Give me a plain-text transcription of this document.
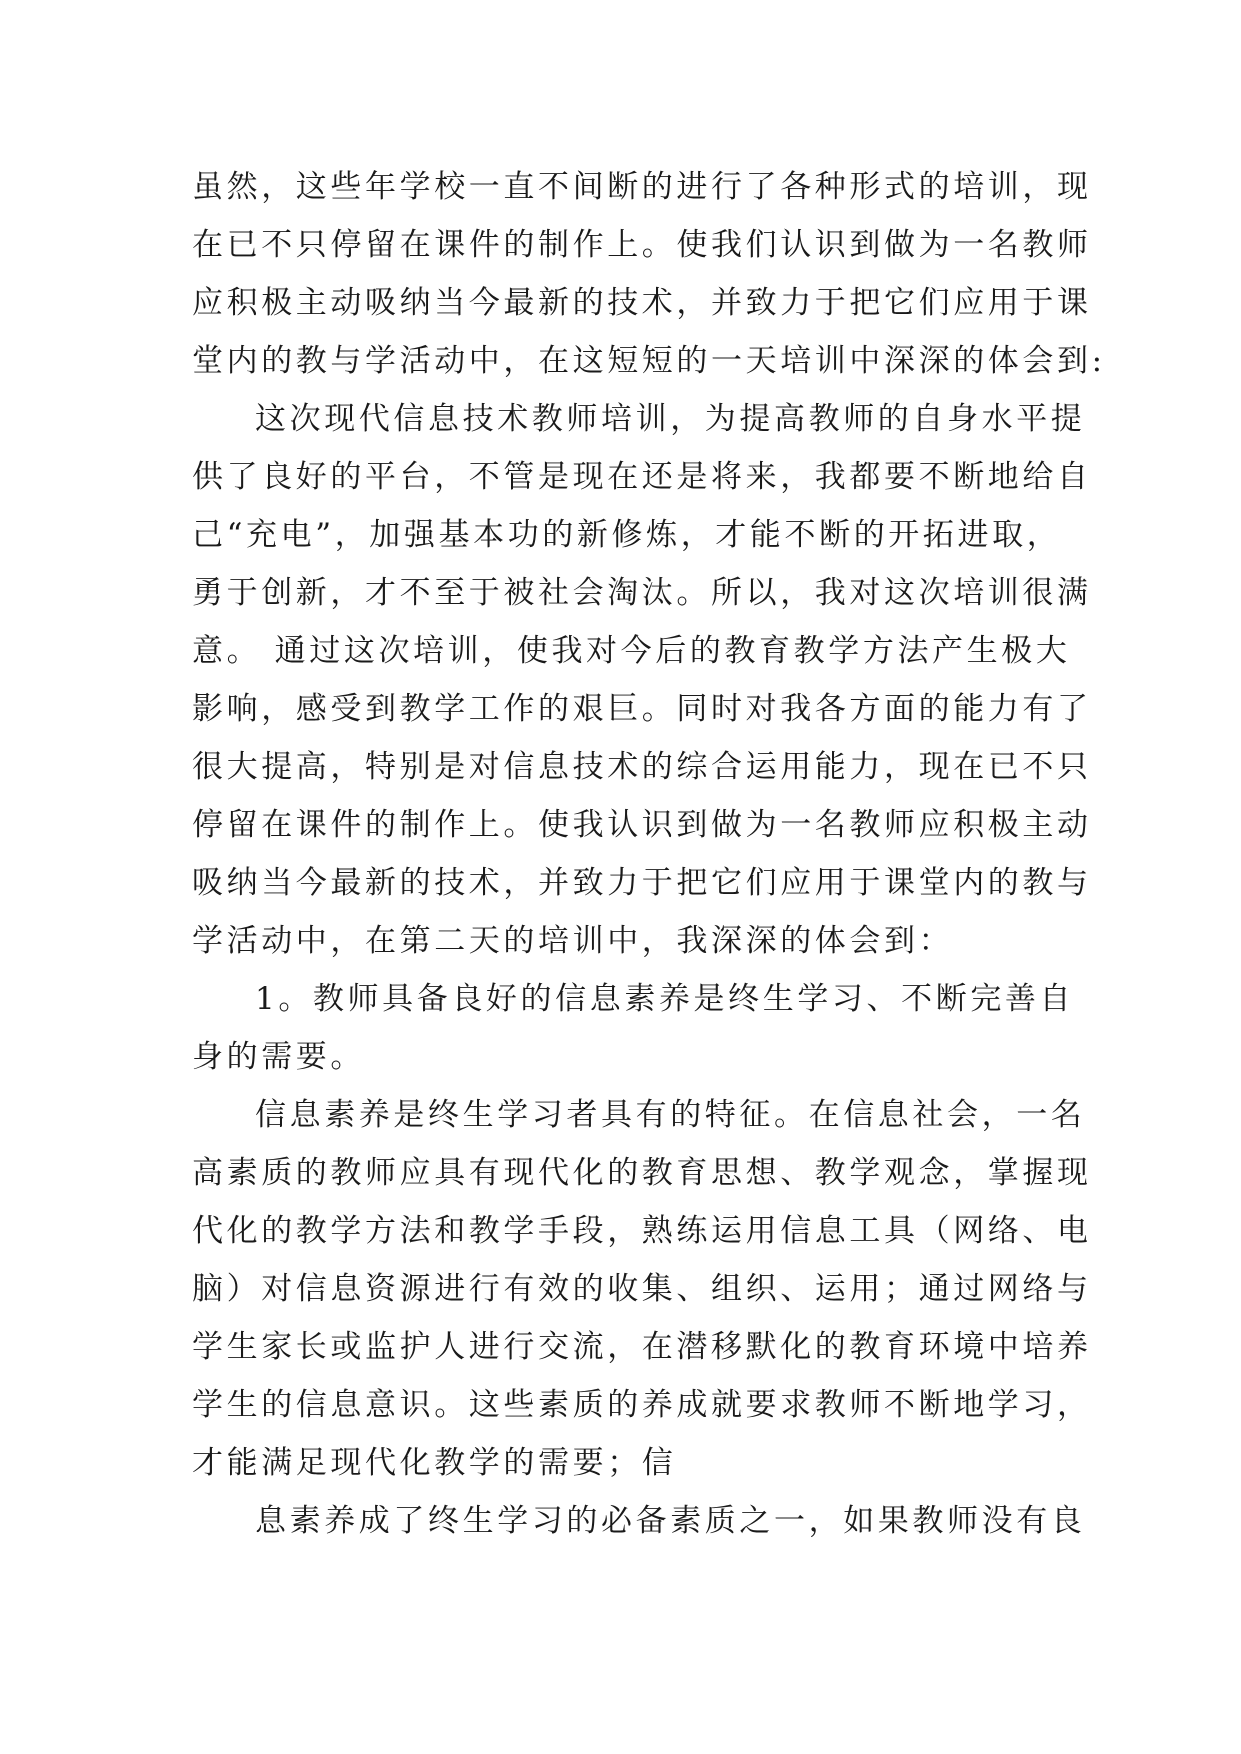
虽然，这些年学校一直不间断的进行了各种形式的培训，现
在已不只停留在课件的制作上。使我们认识到做为一名教师
应积极主动吸纳当今最新的技术，并致力于把它们应用于课
堂内的教与学活动中，在这短短的一天培训中深深的体会到:
这次现代信息技术教师培训，为提高教师的自身水平提
供了良好的平台，不管是现在还是将来，我都要不断地给自
己“充电”，加强基本功的新修炼，才能不断的开拓进取，
勇于创新，才不至于被社会淘汰。所以，我对这次培训很满
意。 通过这次培训，使我对今后的教育教学方法产生极大
影响，感受到教学工作的艰巨。同时对我各方面的能力有了
很大提高，特别是对信息技术的综合运用能力，现在已不只
停留在课件的制作上。使我认识到做为一名教师应积极主动
吸纳当今最新的技术，并致力于把它们应用于课堂内的教与
学活动中，在第二天的培训中，我深深的体会到：
1。教师具备良好的信息素养是终生学习、不断完善自
身的需要。
信息素养是终生学习者具有的特征。在信息社会，一名
高素质的教师应具有现代化的教育思想、教学观念，掌握现
代化的教学方法和教学手段，熟练运用信息工具（网络、电
脑）对信息资源进行有效的收集、组织、运用；通过网络与
学生家长或监护人进行交流，在潜移默化的教育环境中培养
学生的信息意识。这些素质的养成就要求教师不断地学习，
才能满足现代化教学的需要；信
息素养成了终生学习的必备素质之一，如果教师没有良
